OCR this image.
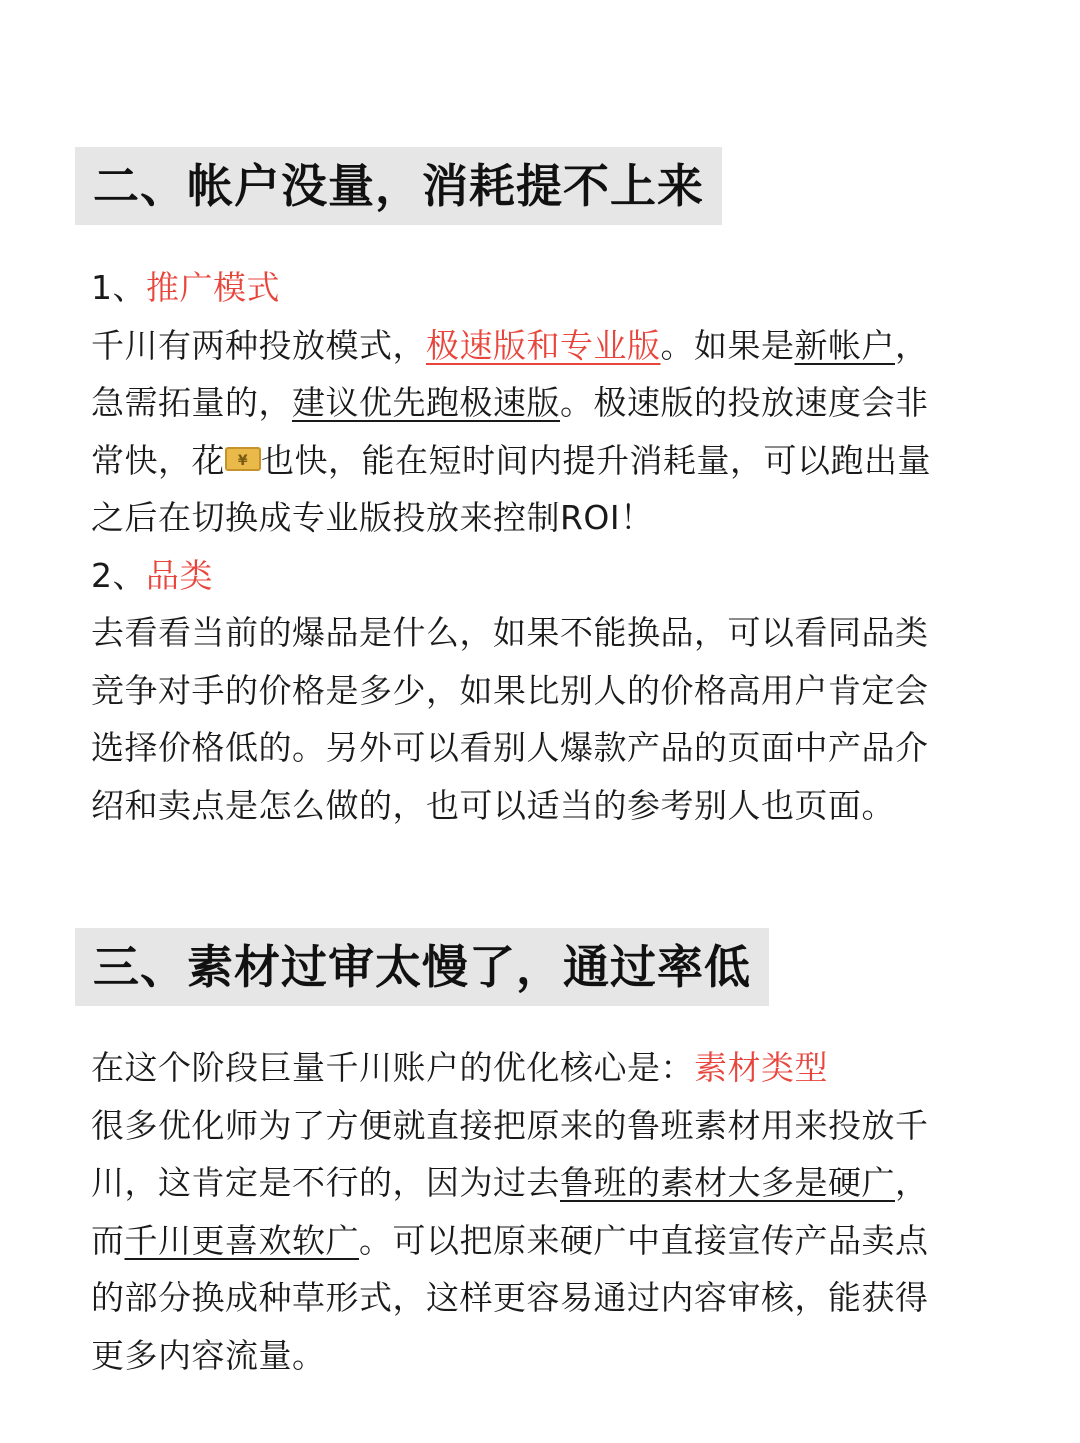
二、帐户没量，消耗提不上来
1、推广模式
千川有两种投放模式，极速版和专业版。如果是新帐户，
急需拓量的，建议优先跑极速版。极速版的投放速度会非
常快，花 ¥ 也快，能在短时间内提升消耗量，可以跑出量
之后在切换成专业版投放来控制ROI！
2、品类
去看看当前的爆品是什么，如果不能换品，可以看同品类
竞争对手的价格是多少，如果比别人的价格高用户肯定会
选择价格低的。另外可以看别人爆款产品的页面中产品介
绍和卖点是怎么做的，也可以适当的参考别人也页面。
三、素材过审太慢了，通过率低
在这个阶段巨量千川账户的优化核心是：素材类型
很多优化师为了方便就直接把原来的鲁班素材用来投放千
川，这肯定是不行的，因为过去鲁班的素材大多是硬广，
而千川更喜欢软广。可以把原来硬广中直接宣传产品卖点
的部分换成种草形式，这样更容易通过内容审核，能获得
更多内容流量。
